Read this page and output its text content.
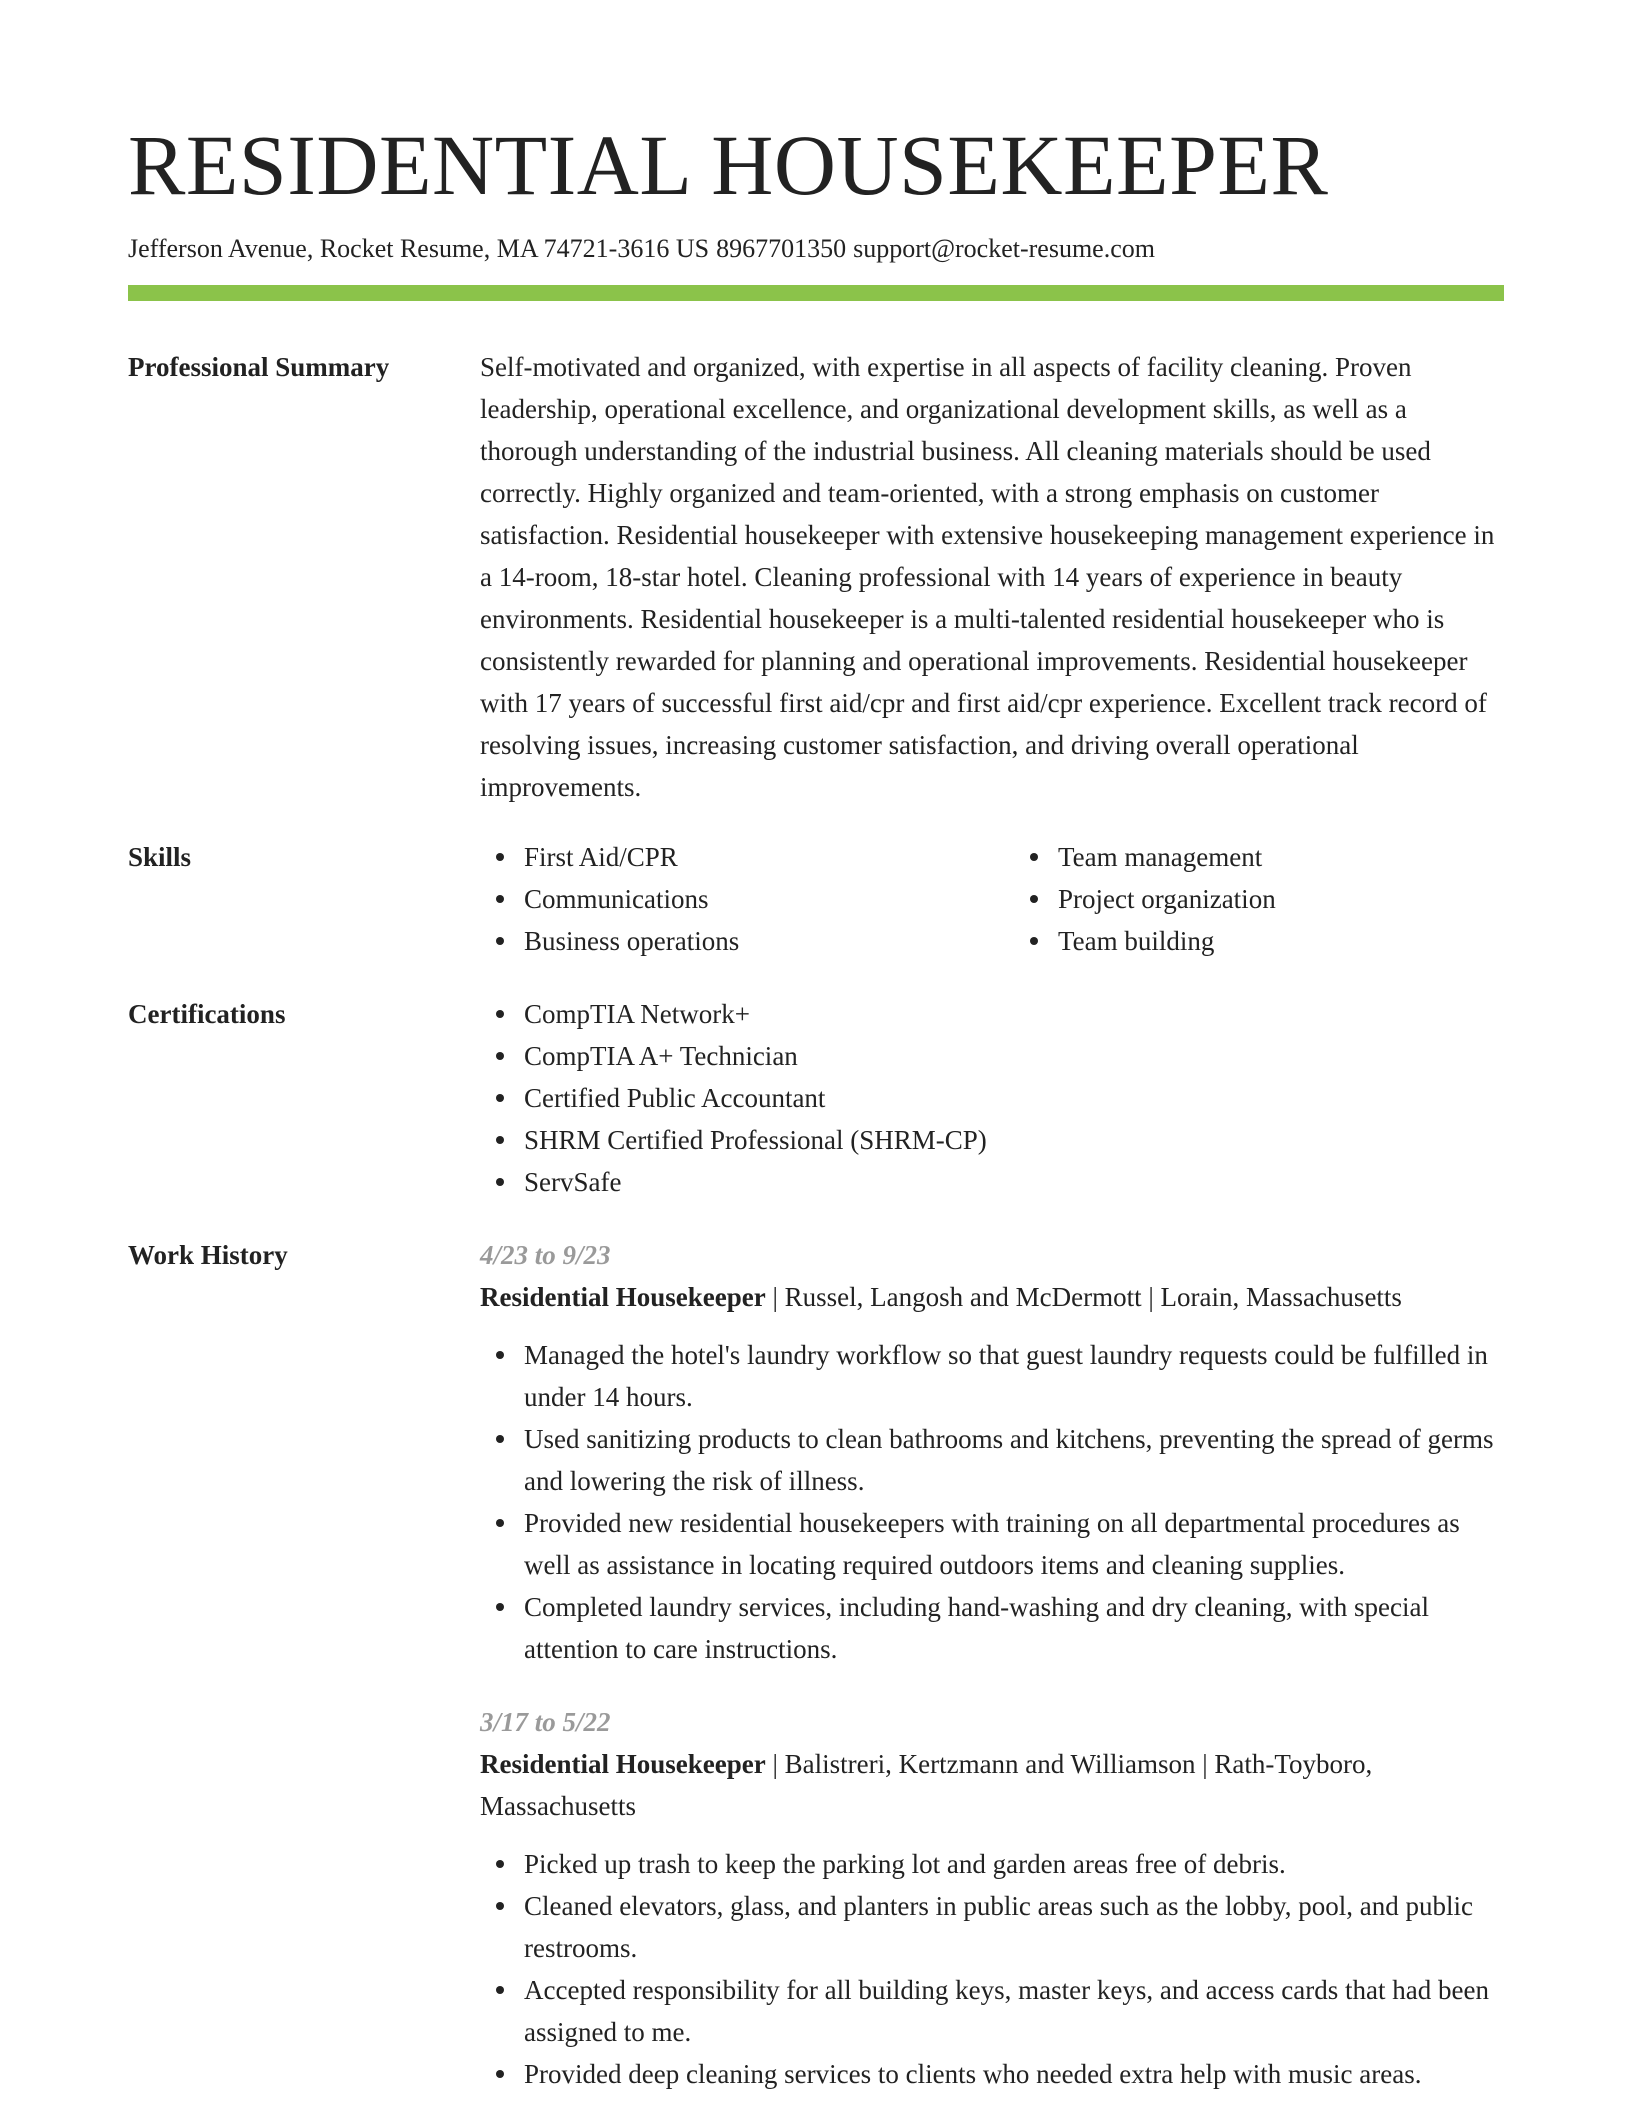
RESIDENTIAL HOUSEKEEPER
Jefferson Avenue, Rocket Resume, MA 74721-3616 US 8967701350 support@rocket-resume.com
Professional Summary	Self-motivated and organized, with expertise in all aspects of facility cleaning. Proven leadership, operational excellence, and organizational development skills, as well as a thorough understanding of the industrial business. All cleaning materials should be used correctly. Highly organized and team-oriented, with a strong emphasis on customer satisfaction. Residential housekeeper with extensive housekeeping management experience in a 14-room, 18-star hotel. Cleaning professional with 14 years of experience in beauty environments. Residential housekeeper is a multi-talented residential housekeeper who is consistently rewarded for planning and operational improvements. Residential housekeeper with 17 years of successful first aid/cpr and first aid/cpr experience. Excellent track record of resolving issues, increasing customer satisfaction, and driving overall operational improvements.

Skills	First Aid/CPR
Communications
Business operations
Team management
Project organization
Team building
Certifications	CompTIA Network+
CompTIA A+ Technician
Certified Public Accountant
SHRM Certified Professional (SHRM-CP)
ServSafe
Work History	4/23 to 9/23
Residential Housekeeper | Russel, Langosh and McDermott | Lorain, Massachusetts
Managed the hotel's laundry workflow so that guest laundry requests could be fulfilled in under 14 hours.
Used sanitizing products to clean bathrooms and kitchens, preventing the spread of germs and lowering the risk of illness.
Provided new residential housekeepers with training on all departmental procedures as well as assistance in locating required outdoors items and cleaning supplies.
Completed laundry services, including hand-washing and dry cleaning, with special attention to care instructions.
3/17 to 5/22
Residential Housekeeper | Balistreri, Kertzmann and Williamson | Rath-Toyboro, Massachusetts
Picked up trash to keep the parking lot and garden areas free of debris.
Cleaned elevators, glass, and planters in public areas such as the lobby, pool, and public restrooms.
Accepted responsibility for all building keys, master keys, and access cards that had been assigned to me.
Provided deep cleaning services to clients who needed extra help with music areas.
